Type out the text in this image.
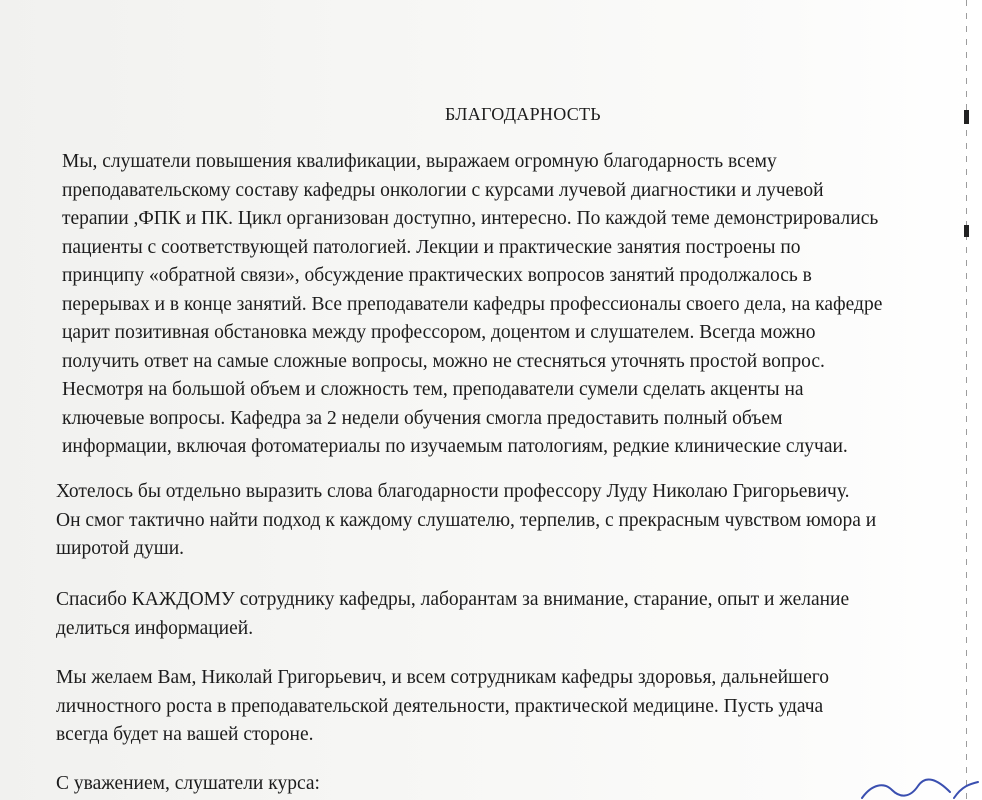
БЛАГОДАРНОСТЬ

Мы, слушатели повышения квалификации, выражаем огромную благодарность всему
преподавательскому составу кафедры онкологии с курсами лучевой диагностики и лучевой
терапии ,ФПК и ПК. Цикл организован доступно, интересно. По каждой теме демонстрировались
пациенты с соответствующей патологией. Лекции и практические занятия построены по
принципу «обратной связи», обсуждение практических вопросов занятий продолжалось в
перерывах и в конце занятий. Все преподаватели кафедры профессионалы своего дела, на кафедре
царит позитивная обстановка между профессором, доцентом и слушателем. Всегда можно
получить ответ на самые сложные вопросы, можно не стесняться уточнять простой вопрос.
Несмотря на большой объем и сложность тем, преподаватели сумели сделать акценты на
ключевые вопросы. Кафедра за 2 недели обучения смогла предоставить полный объем
информации, включая фотоматериалы по изучаемым патологиям, редкие клинические случаи.

Хотелось бы отдельно выразить слова благодарности профессору Луду Николаю Григорьевичу.
Он смог тактично найти подход к каждому слушателю, терпелив, с прекрасным чувством юмора и
широтой души.

Спасибо КАЖДОМУ сотруднику кафедры, лаборантам за внимание, старание, опыт и желание
делиться информацией.

Мы желаем Вам, Николай Григорьевич, и всем сотрудникам кафедры здоровья, дальнейшего
личностного роста в преподавательской деятельности, практической медицине. Пусть удача
всегда будет на вашей стороне.

С уважением, слушатели курса:
